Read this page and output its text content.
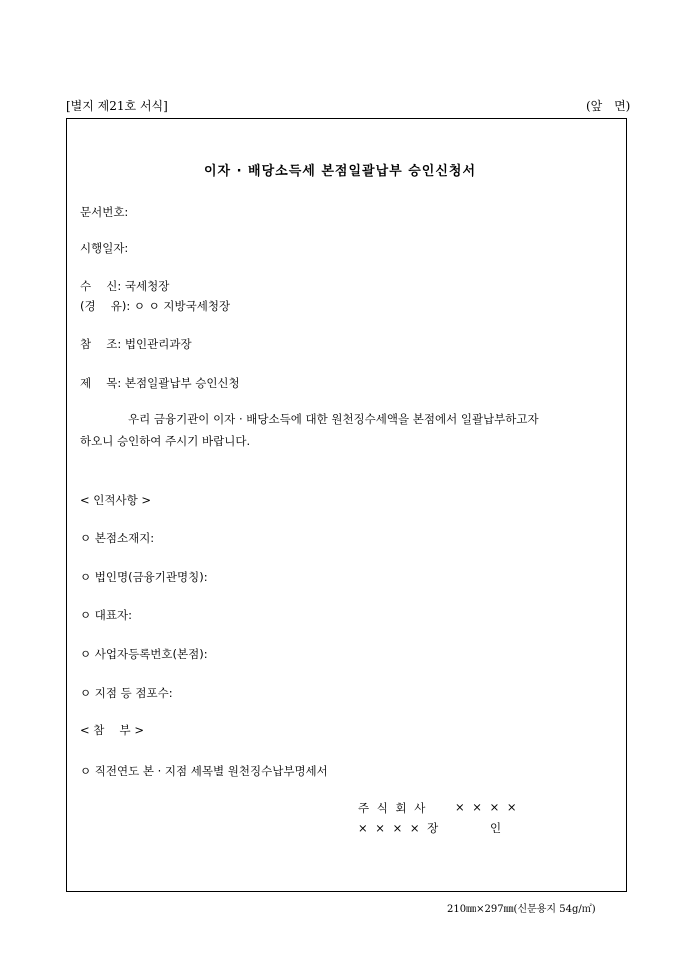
[별지 제21호 서식]	(앞 면)
이자 · 배당소득세 본점일괄납부 승인신청서
문서번호:
시행일자:
수　 신: 국세청장
(경　 유): ㅇ ㅇ 지방국세청장
참　 조: 법인관리과장
제　 목: 본점일괄납부 승인신청
우리 금융기관이 이자 · 배당소득에 대한 원천징수세액을 본점에서 일괄납부하고자
하오니 승인하여 주시기 바랍니다.
< 인적사항 >
ㅇ 본점소재지:
ㅇ 법인명(금융기관명칭):
ㅇ 대표자:
ㅇ 사업자등록번호(본점):
ㅇ 지점 등 점포수:
< 참　 부 >
ㅇ 직전연도 본 · 지점 세목별 원천징수납부명세서
주 식 회 사 × × × ×
× × × × 장	인
210㎜×297㎜(신문용지 54g/㎡)
